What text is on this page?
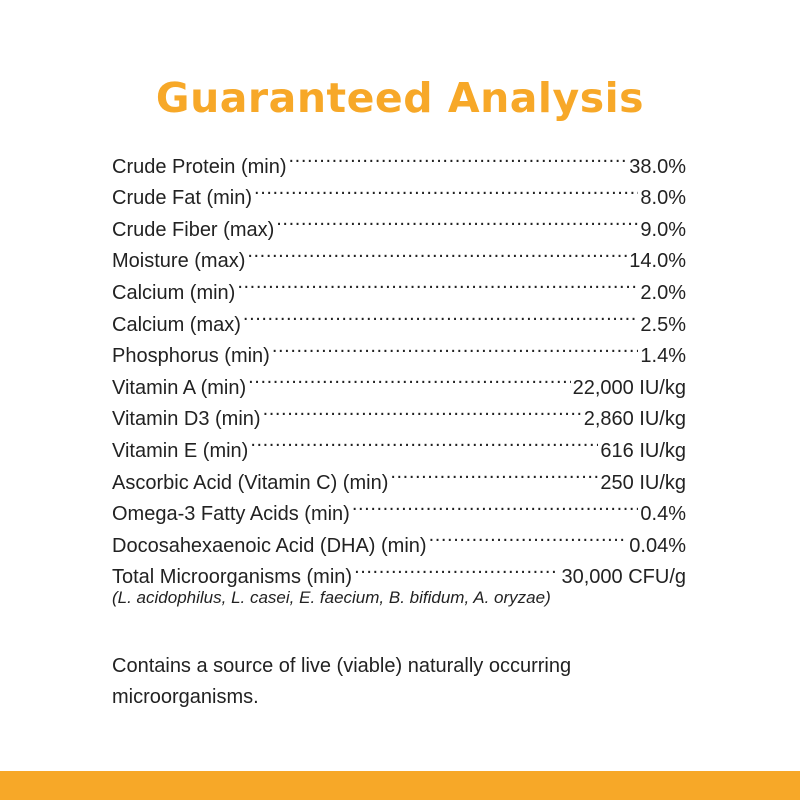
Guaranteed Analysis
Crude Protein (min) .....	38.0%
Crude Fat (min) .....	8.0%
Crude Fiber (max) .....	9.0%
Moisture (max) .....	14.0%
Calcium (min) .....	2.0%
Calcium (max) .....	2.5%
Phosphorus (min) .....	1.4%
Vitamin A (min) .....	22,000 IU/kg
Vitamin D3 (min) .....	2,860 IU/kg
Vitamin E (min) .....	616 IU/kg
Ascorbic Acid (Vitamin C) (min) .....	250 IU/kg
Omega-3 Fatty Acids (min) .....	0.4%
Docosahexaenoic Acid (DHA) (min) .....	0.04%
Total Microorganisms (min) .....	30,000 CFU/g
(L. acidophilus, L. casei, E. faecium, B. bifidum, A. oryzae)
Contains a source of live (viable) naturally occurring microorganisms.
